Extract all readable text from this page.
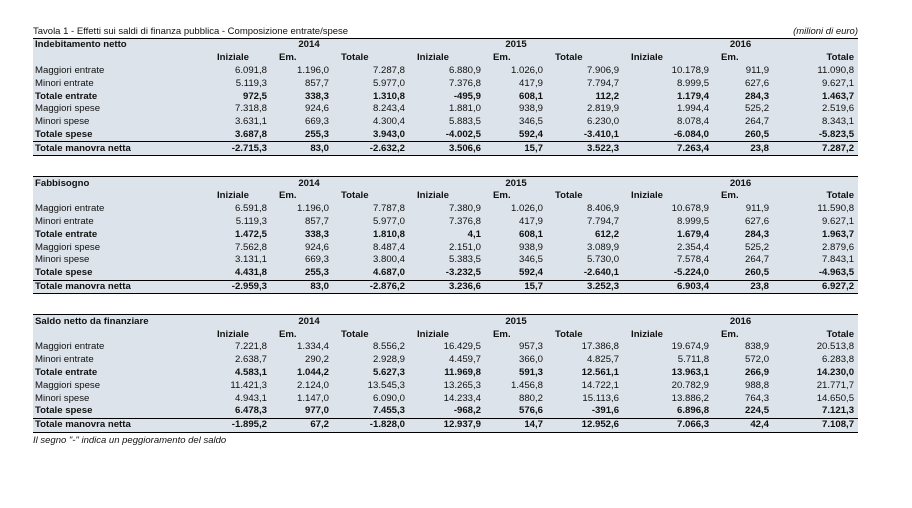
Tavola 1 - Effetti sui saldi di finanza pubblica - Composizione entrate/spese	(milioni di euro)
Indebitamento netto	2014			2015			2016		
	Iniziale	Em.	Totale	Iniziale	Em.	Totale	Iniziale	Em.	Totale
Maggiori entrate	6.091,8	1.196,0	7.287,8	6.880,9	1.026,0	7.906,9	10.178,9	911,9	11.090,8
Minori entrate	5.119,3	857,7	5.977,0	7.376,8	417,9	7.794,7	8.999,5	627,6	9.627,1
Totale entrate	972,5	338,3	1.310,8	-495,9	608,1	112,2	1.179,4	284,3	1.463,7
Maggiori spese	7.318,8	924,6	8.243,4	1.881,0	938,9	2.819,9	1.994,4	525,2	2.519,6
Minori spese	3.631,1	669,3	4.300,4	5.883,5	346,5	6.230,0	8.078,4	264,7	8.343,1
Totale spese	3.687,8	255,3	3.943,0	-4.002,5	592,4	-3.410,1	-6.084,0	260,5	-5.823,5
Totale manovra netta	-2.715,3	83,0	-2.632,2	3.506,6	15,7	3.522,3	7.263,4	23,8	7.287,2
Fabbisogno	2014			2015			2016		
	Iniziale	Em.	Totale	Iniziale	Em.	Totale	Iniziale	Em.	Totale
Maggiori entrate	6.591,8	1.196,0	7.787,8	7.380,9	1.026,0	8.406,9	10.678,9	911,9	11.590,8
Minori entrate	5.119,3	857,7	5.977,0	7.376,8	417,9	7.794,7	8.999,5	627,6	9.627,1
Totale entrate	1.472,5	338,3	1.810,8	4,1	608,1	612,2	1.679,4	284,3	1.963,7
Maggiori spese	7.562,8	924,6	8.487,4	2.151,0	938,9	3.089,9	2.354,4	525,2	2.879,6
Minori spese	3.131,1	669,3	3.800,4	5.383,5	346,5	5.730,0	7.578,4	264,7	7.843,1
Totale spese	4.431,8	255,3	4.687,0	-3.232,5	592,4	-2.640,1	-5.224,0	260,5	-4.963,5
Totale manovra netta	-2.959,3	83,0	-2.876,2	3.236,6	15,7	3.252,3	6.903,4	23,8	6.927,2
Saldo netto da finanziare	2014			2015			2016		
	Iniziale	Em.	Totale	Iniziale	Em.	Totale	Iniziale	Em.	Totale
Maggiori entrate	7.221,8	1.334,4	8.556,2	16.429,5	957,3	17.386,8	19.674,9	838,9	20.513,8
Minori entrate	2.638,7	290,2	2.928,9	4.459,7	366,0	4.825,7	5.711,8	572,0	6.283,8
Totale entrate	4.583,1	1.044,2	5.627,3	11.969,8	591,3	12.561,1	13.963,1	266,9	14.230,0
Maggiori spese	11.421,3	2.124,0	13.545,3	13.265,3	1.456,8	14.722,1	20.782,9	988,8	21.771,7
Minori spese	4.943,1	1.147,0	6.090,0	14.233,4	880,2	15.113,6	13.886,2	764,3	14.650,5
Totale spese	6.478,3	977,0	7.455,3	-968,2	576,6	-391,6	6.896,8	224,5	7.121,3
Totale manovra netta	-1.895,2	67,2	-1.828,0	12.937,9	14,7	12.952,6	7.066,3	42,4	7.108,7
Il segno "-" indica un peggioramento del saldo
